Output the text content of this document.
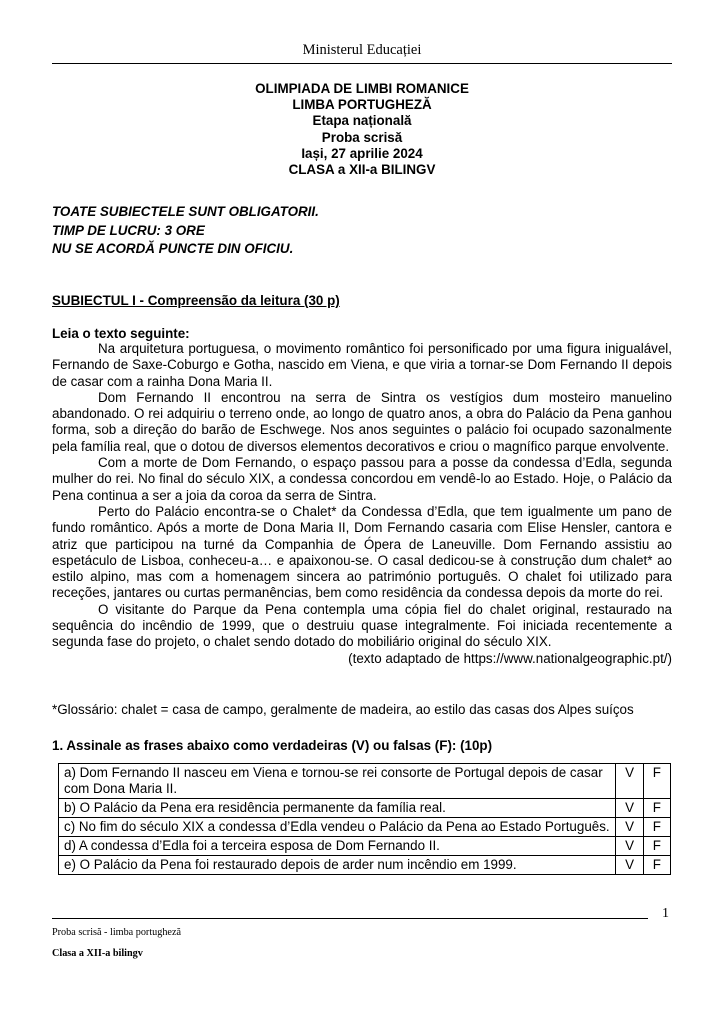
Ministerul Educației
OLIMPIADA DE LIMBI ROMANICE
LIMBA PORTUGHEZĂ
Etapa națională
Proba scrisă
Iași, 27 aprilie 2024
CLASA a XII-a BILINGV
TOATE SUBIECTELE SUNT OBLIGATORII.
TIMP DE LUCRU: 3 ORE
NU SE ACORDĂ PUNCTE DIN OFICIU.
SUBIECTUL I - Compreensão da leitura (30 p)
Leia o texto seguinte:

Na arquitetura portuguesa, o movimento romântico foi personificado por uma figura inigualável, Fernando de Saxe-Coburgo e Gotha, nascido em Viena, e que viria a tornar-se Dom Fernando II depois de casar com a rainha Dona Maria II.

Dom Fernando II encontrou na serra de Sintra os vestígios dum mosteiro manuelino abandonado. O rei adquiriu o terreno onde, ao longo de quatro anos, a obra do Palácio da Pena ganhou forma, sob a direção do barão de Eschwege. Nos anos seguintes o palácio foi ocupado sazonalmente pela família real, que o dotou de diversos elementos decorativos e criou o magnífico parque envolvente.

Com a morte de Dom Fernando, o espaço passou para a posse da condessa d’Edla, segunda mulher do rei. No final do século XIX, a condessa concordou em vendê-lo ao Estado. Hoje, o Palácio da Pena continua a ser a joia da coroa da serra de Sintra.

Perto do Palácio encontra-se o Chalet* da Condessa d’Edla, que tem igualmente um pano de fundo romântico. Após a morte de Dona Maria II, Dom Fernando casaria com Elise Hensler, cantora e atriz que participou na turné da Companhia de Ópera de Laneuville. Dom Fernando assistiu ao espetáculo de Lisboa, conheceu-a… e apaixonou-se. O casal dedicou-se à construção dum chalet* ao estilo alpino, mas com a homenagem sincera ao património português. O chalet foi utilizado para receções, jantares ou curtas permanências, bem como residência da condessa depois da morte do rei.

O visitante do Parque da Pena contempla uma cópia fiel do chalet original, restaurado na sequência do incêndio de 1999, que o destruiu quase integralmente. Foi iniciada recentemente a segunda fase do projeto, o chalet sendo dotado do mobiliário original do século XIX.

(texto adaptado de https://www.nationalgeographic.pt/)
*Glossário: chalet = casa de campo, geralmente de madeira, ao estilo das casas dos Alpes suíços
1. Assinale as frases abaixo como verdadeiras (V) ou falsas (F): (10p)
a) Dom Fernando II nasceu em Viena e tornou-se rei consorte de Portugal depois de casar com Dona Maria II.	V	F
b) O Palácio da Pena era residência permanente da família real.	V	F
c) No fim do século XIX a condessa d’Edla vendeu o Palácio da Pena ao Estado Português.	V	F
d) A condessa d’Edla foi a terceira esposa de Dom Fernando II.	V	F
e) O Palácio da Pena foi restaurado depois de arder num incêndio em 1999.	V	F
1
Proba scrisă - limba portugheză
Clasa a XII-a bilingv
